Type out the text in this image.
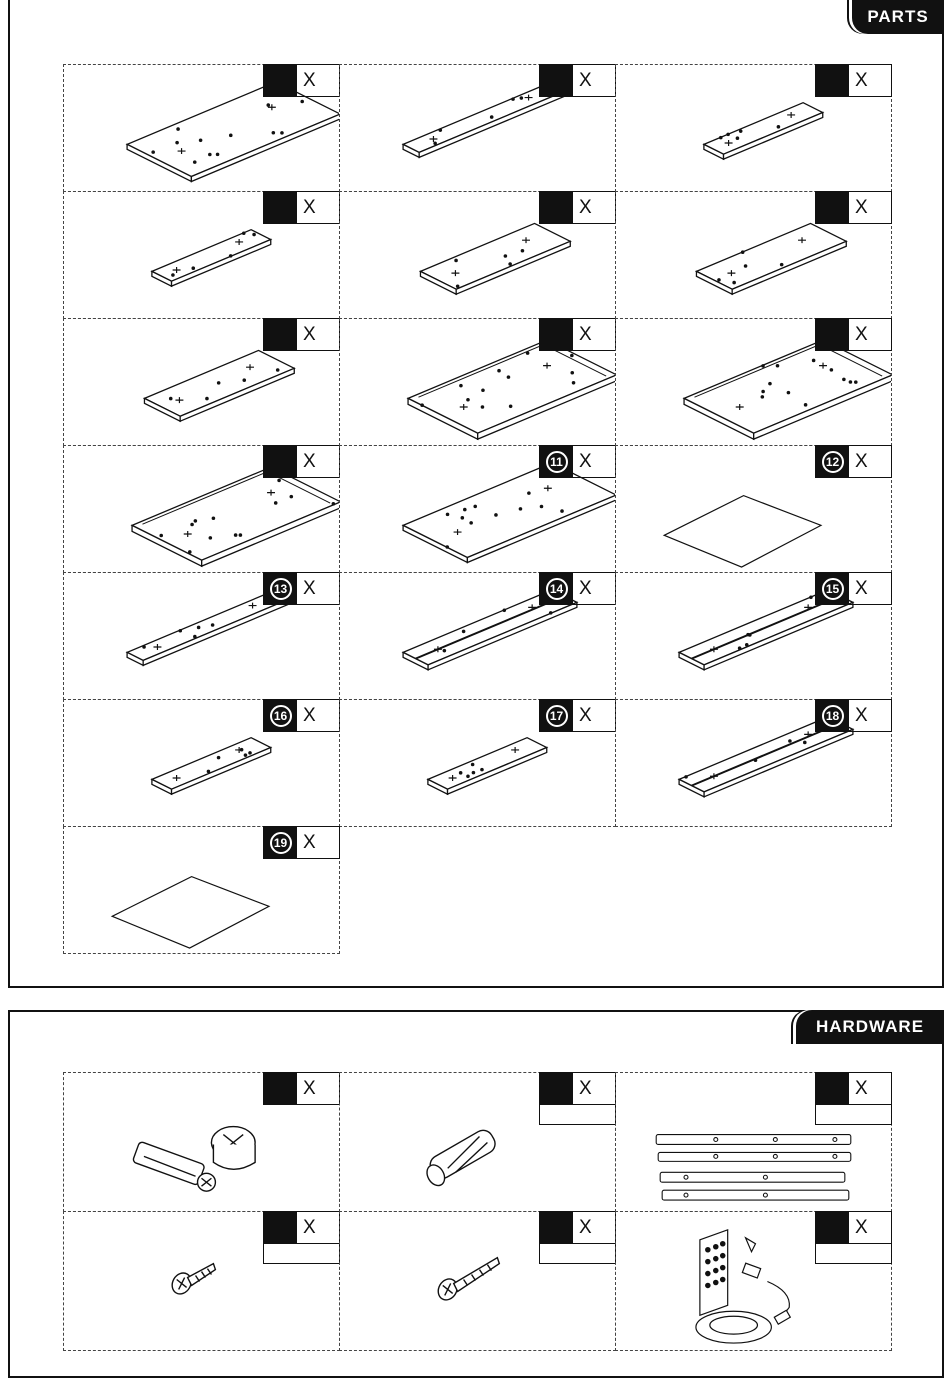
PARTS
X	X	X
X	X	X
X	X	X
X	11 X	12 X
13 X	14 X	15 X
16 X	17 X	18 X
19 X
HARDWARE
X	X	X
X	X	X
